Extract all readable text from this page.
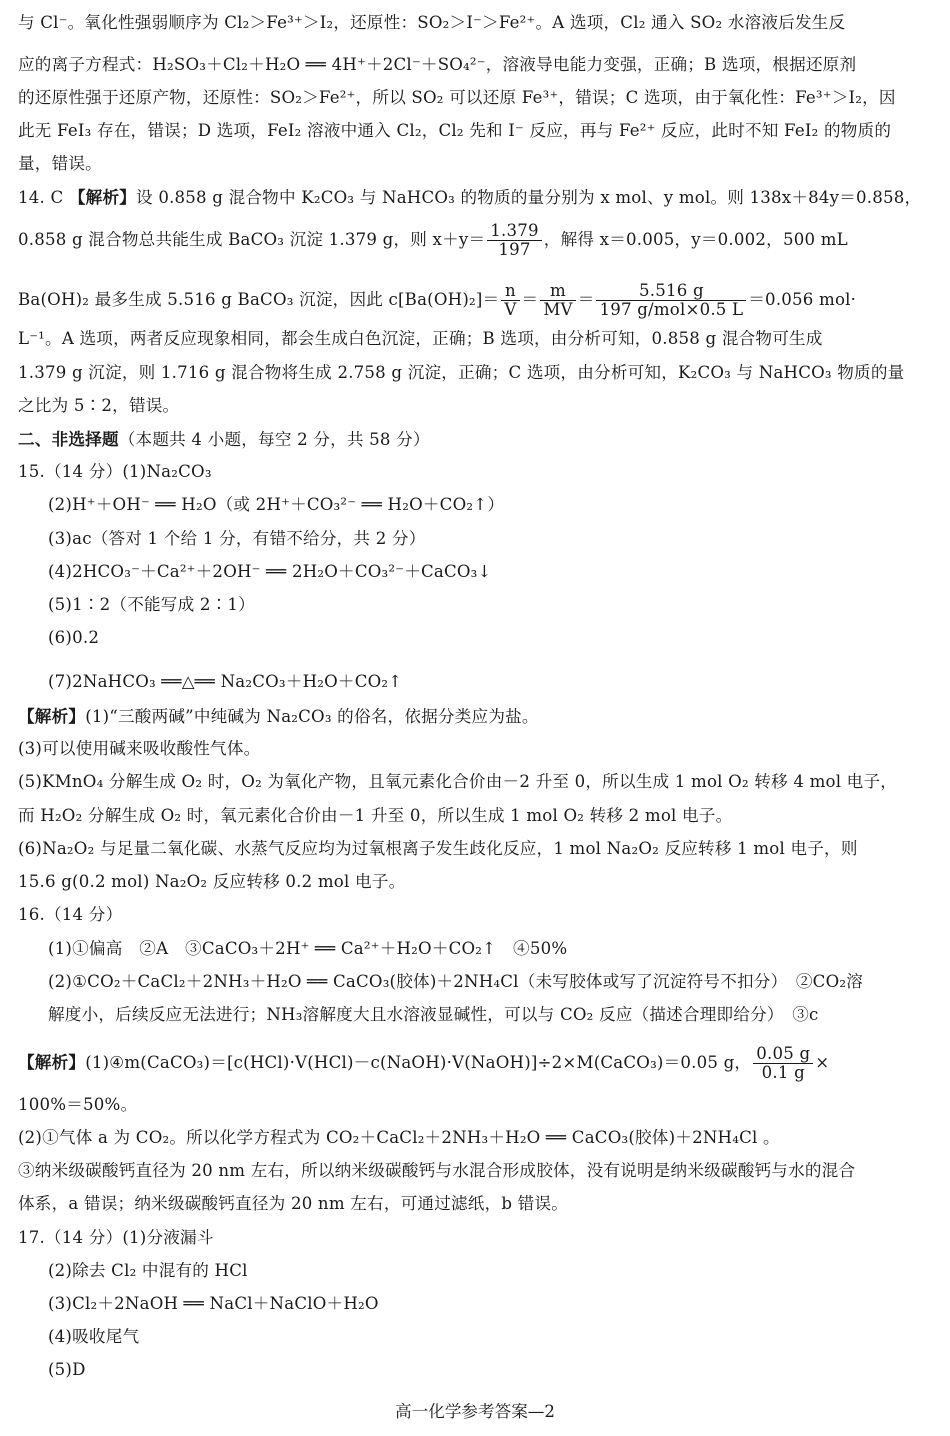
与 Cl⁻。氧化性强弱顺序为 Cl₂＞Fe³⁺＞I₂，还原性：SO₂＞I⁻＞Fe²⁺。A 选项，Cl₂ 通入 SO₂ 水溶液后发生反
应的离子方程式：H₂SO₃＋Cl₂＋H₂O ══ 4H⁺＋2Cl⁻＋SO₄²⁻，溶液导电能力变强，正确；B 选项，根据还原剂
的还原性强于还原产物，还原性：SO₂＞Fe²⁺，所以 SO₂ 可以还原 Fe³⁺，错误；C 选项，由于氧化性：Fe³⁺＞I₂，因
此无 FeI₃ 存在，错误；D 选项，FeI₂ 溶液中通入 Cl₂，Cl₂ 先和 I⁻ 反应，再与 Fe²⁺ 反应，此时不知 FeI₂ 的物质的
量，错误。
14. C 【解析】设 0.858 g 混合物中 K₂CO₃ 与 NaHCO₃ 的物质的量分别为 x mol、y mol。则 138x＋84y＝0.858，
0.858 g 混合物总共能生成 BaCO₃ 沉淀 1.379 g，则 $x+y= \frac{1.379}{197}$ ，解得 x＝0.005，y＝0.002，500 mL
Ba(OH)₂ 最多生成 5.516 g BaCO₃ 沉淀，因此 $c[Ba(OH)_2]= \frac{n}{V} = \frac{m}{MV} = \frac{5.516 g}{\text{197 g/mol×0.5 L}} =0.056$ mol·
L⁻¹。A 选项，两者反应现象相同，都会生成白色沉淀，正确；B 选项，由分析可知，0.858 g 混合物可生成
1.379 g 沉淀，则 1.716 g 混合物将生成 2.758 g 沉淀，正确；C 选项，由分析可知，K₂CO₃ 与 NaHCO₃ 物质的量
之比为 5∶2，错误。
二、非选择题（本题共 4 小题，每空 2 分，共 58 分）
15.（14 分）(1)Na₂CO₃
(2)H⁺＋OH⁻ ══ H₂O（或 2H⁺＋CO₃²⁻ ══ H₂O＋CO₂↑）
(3)ac（答对 1 个给 1 分，有错不给分，共 2 分）
(4)2HCO₃⁻＋Ca²⁺＋2OH⁻ ══ 2H₂O＋CO₃²⁻＋CaCO₃↓
(5)1∶2（不能写成 2∶1）
(6)0.2
(7)2NaHCO₃ ══△══ Na₂CO₃＋H₂O＋CO₂↑
【解析】(1)“三酸两碱”中纯碱为 Na₂CO₃ 的俗名，依据分类应为盐。
(3)可以使用碱来吸收酸性气体。
(5)KMnO₄ 分解生成 O₂ 时，O₂ 为氧化产物，且氧元素化合价由－2 升至 0，所以生成 1 mol O₂ 转移 4 mol 电子，
而 H₂O₂ 分解生成 O₂ 时，氧元素化合价由－1 升至 0，所以生成 1 mol O₂ 转移 2 mol 电子。
(6)Na₂O₂ 与足量二氧化碳、水蒸气反应均为过氧根离子发生歧化反应，1 mol Na₂O₂ 反应转移 1 mol 电子，则
15.6 g(0.2 mol) Na₂O₂ 反应转移 0.2 mol 电子。
16.（14 分）
(1)①偏高　②A　③CaCO₃＋2H⁺ ══ Ca²⁺＋H₂O＋CO₂↑　④50%
(2)①CO₂＋CaCl₂＋2NH₃＋H₂O ══ CaCO₃(胶体)＋2NH₄Cl（未写胶体或写了沉淀符号不扣分）　②CO₂溶
解度小，后续反应无法进行；NH₃溶解度大且水溶液显碱性，可以与 CO₂ 反应（描述合理即给分）　③c
【解析】(1)④m(CaCO₃)＝[c(HCl)·V(HCl)－c(NaOH)·V(NaOH)]÷2×M(CaCO₃)＝0.05 g， $\frac{0.05 g}{0.1 g}$ ×
100%＝50%。
(2)①气体 a 为 CO₂。所以化学方程式为 CO₂＋CaCl₂＋2NH₃＋H₂O ══ CaCO₃(胶体)＋2NH₄Cl 。
③纳米级碳酸钙直径为 20 nm 左右，所以纳米级碳酸钙与水混合形成胶体，没有说明是纳米级碳酸钙与水的混合
体系，a 错误；纳米级碳酸钙直径为 20 nm 左右，可通过滤纸，b 错误。
17.（14 分）(1)分液漏斗
(2)除去 Cl₂ 中混有的 HCl
(3)Cl₂＋2NaOH ══ NaCl＋NaClO＋H₂O
(4)吸收尾气
(5)D
高一化学参考答案—2
